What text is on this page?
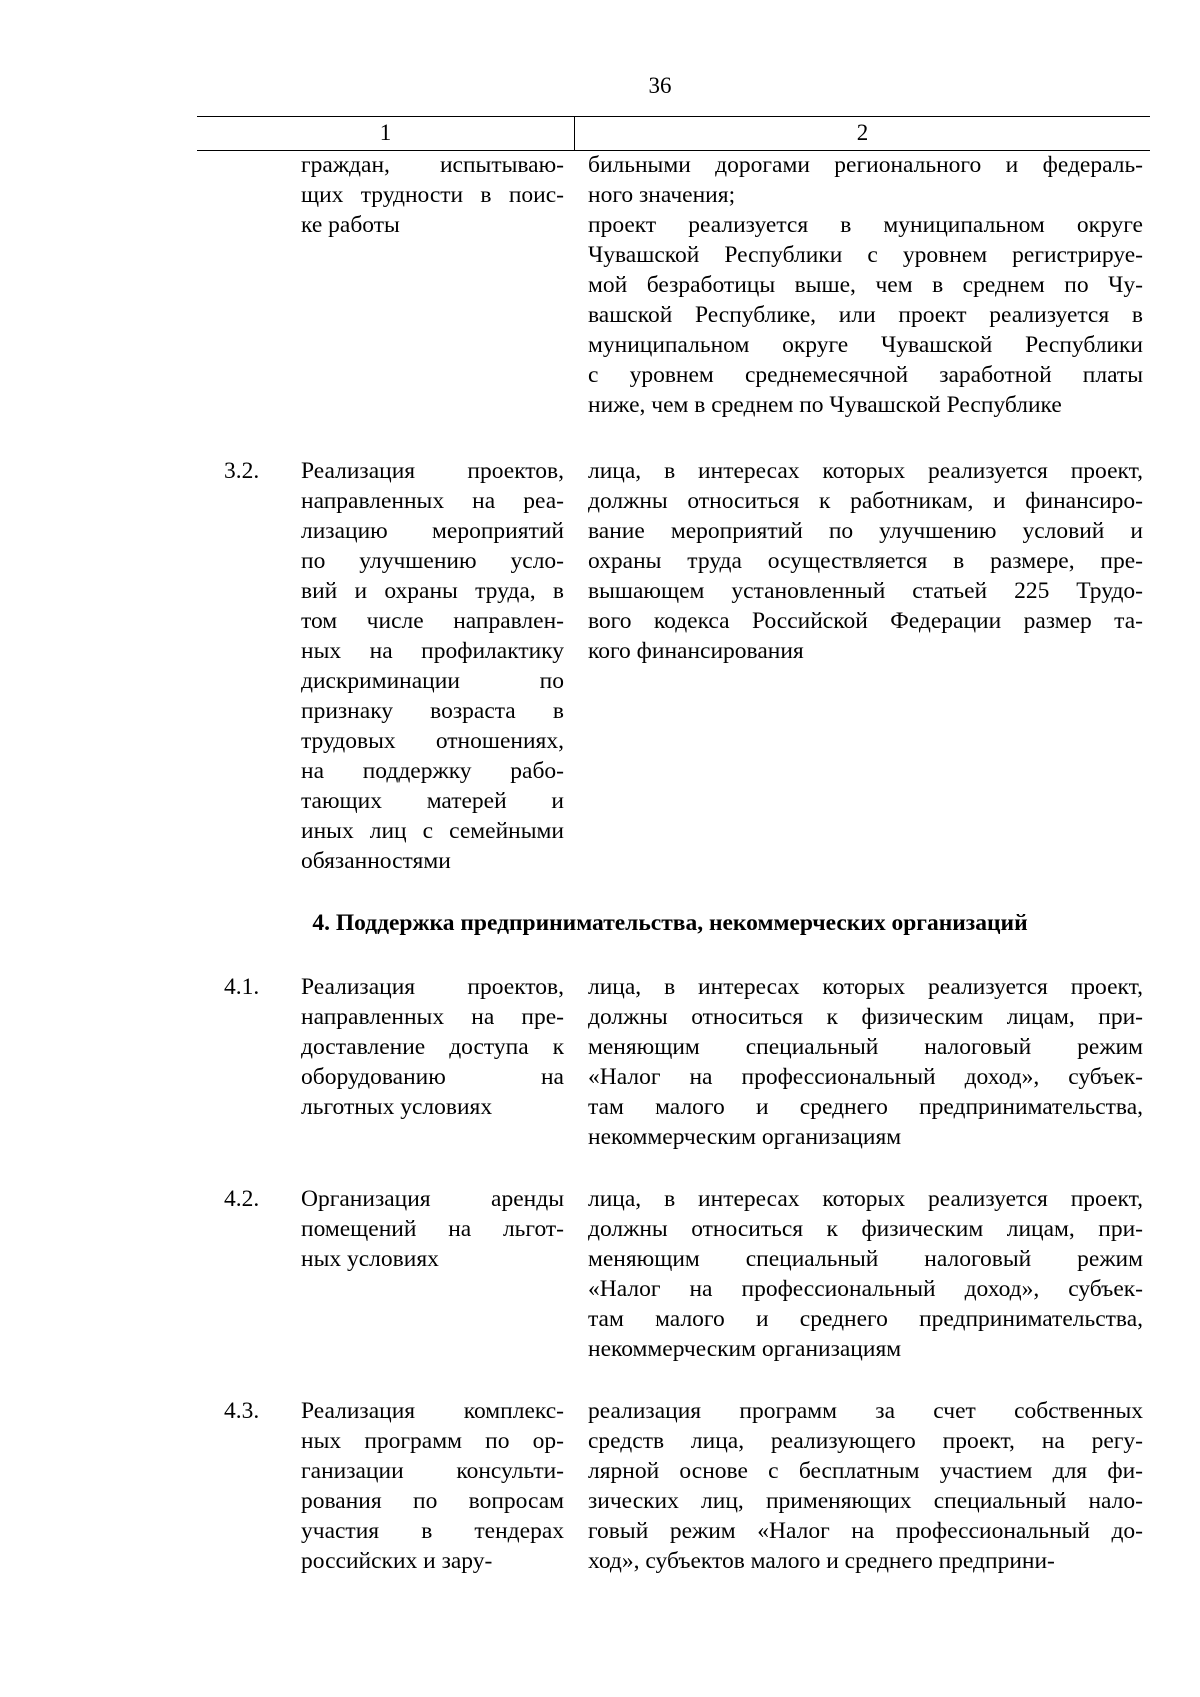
36
1	2
граждан, испытываю-
щих трудности в поис-
ке работы
бильными дорогами регионального и федераль-
ного значения;
проект реализуется в муниципальном округе
Чувашской Республики с уровнем регистрируе-
мой безработицы выше, чем в среднем по Чу-
вашской Республике, или проект реализуется в
муниципальном округе Чувашской Республики
с уровнем среднемесячной заработной платы
ниже, чем в среднем по Чувашской Республике
3.2. Реализация проектов,
направленных на реа-
лизацию мероприятий
по улучшению усло-
вий и охраны труда, в
том числе направлен-
ных на профилактику
дискриминации по
признаку возраста в
трудовых отношениях,
на поддержку рабо-
тающих матерей и
иных лиц с семейными
обязанностями
лица, в интересах которых реализуется проект,
должны относиться к работникам, и финансиро-
вание мероприятий по улучшению условий и
охраны труда осуществляется в размере, пре-
вышающем установленный статьей 225 Трудо-
вого кодекса Российской Федерации размер та-
кого финансирования
4. Поддержка предпринимательства, некоммерческих организаций
4.1. Реализация проектов,
направленных на пре-
доставление доступа к
оборудованию на
льготных условиях
лица, в интересах которых реализуется проект,
должны относиться к физическим лицам, при-
меняющим специальный налоговый режим
«Налог на профессиональный доход», субъек-
там малого и среднего предпринимательства,
некоммерческим организациям
4.2. Организация аренды
помещений на льгот-
ных условиях
лица, в интересах которых реализуется проект,
должны относиться к физическим лицам, при-
меняющим специальный налоговый режим
«Налог на профессиональный доход», субъек-
там малого и среднего предпринимательства,
некоммерческим организациям
4.3. Реализация комплекс-
ных программ по ор-
ганизации консульти-
рования по вопросам
участия в тендерах
российских и зару-
реализация программ за счет собственных
средств лица, реализующего проект, на регу-
лярной основе с бесплатным участием для фи-
зических лиц, применяющих специальный нало-
говый режим «Налог на профессиональный до-
ход», субъектов малого и среднего предприни-
